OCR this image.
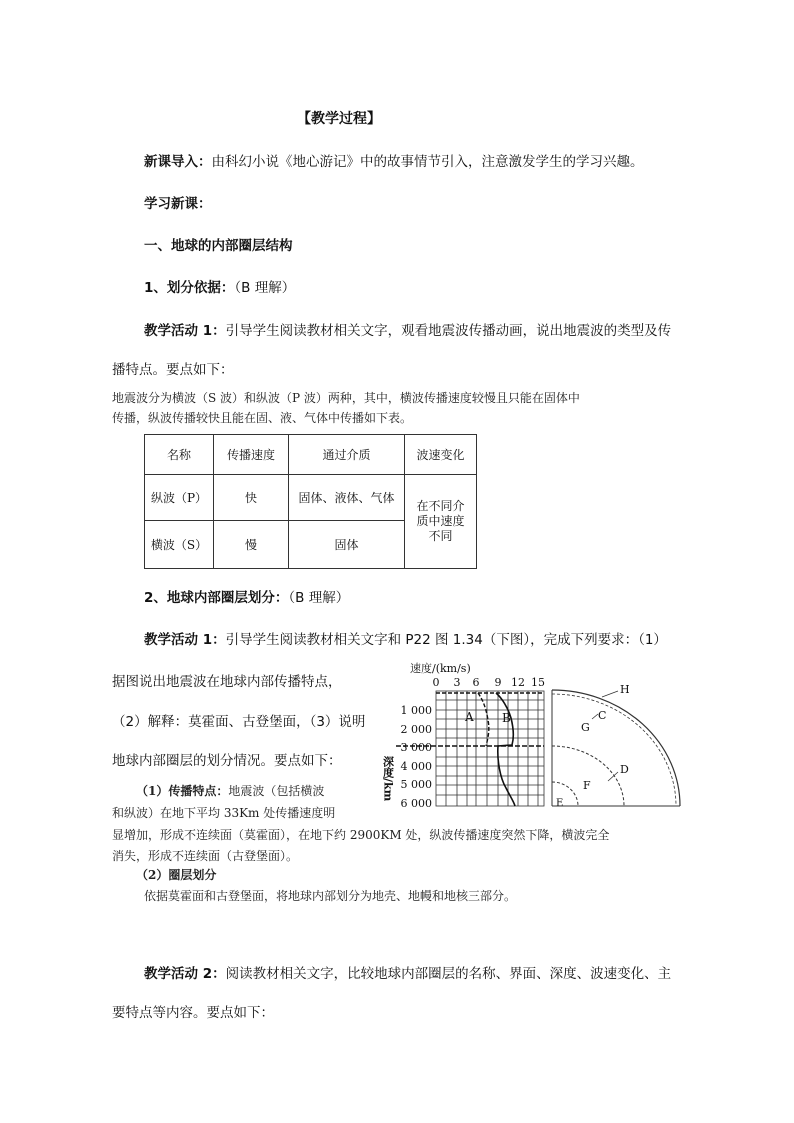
【教学过程】
新课导入：由科幻小说《地心游记》中的故事情节引入，注意激发学生的学习兴趣。
学习新课：
一、地球的内部圈层结构
1、划分依据：（B 理解）
教学活动 1：引导学生阅读教材相关文字，观看地震波传播动画，说出地震波的类型及传
播特点。要点如下：
地震波分为横波（S 波）和纵波（P 波）两种，其中，横波传播速度较慢且只能在固体中
传播，纵波传播较快且能在固、液、气体中传播如下表。
名称	传播速度	通过介质	波速变化
纵波（P）	快	固体、液体、气体	在不同介
质中速度
不同

横波（S）	慢	固体	
2、地球内部圈层划分：（B 理解）
教学活动 1：引导学生阅读教材相关文字和 P22 图 1.34（下图），完成下列要求：（1）
据图说出地震波在地球内部传播特点，
（2）解释：莫霍面、古登堡面，（3）说明
地球内部圈层的划分情况。要点如下：
（1）传播特点：地震波（包括横波
和纵波）在地下平均 33Km 处传播速度明
显增加，形成不连续面（莫霍面），在地下约 2900KM 处，纵波传播速度突然下降，横波完全
消失，形成不连续面（古登堡面）。
（2）圈层划分
依据莫霍面和古登堡面，将地球内部划分为地壳、地幔和地核三部分。
教学活动 2：阅读教材相关文字，比较地球内部圈层的名称、界面、深度、波速变化、主
要特点等内容。要点如下：
速度/(km/s)
0 3 6 9 12 15
1 000
2 000
3 000
4 000
5 000
6 000
深度/km
A B
H
C
G
D
F
E
